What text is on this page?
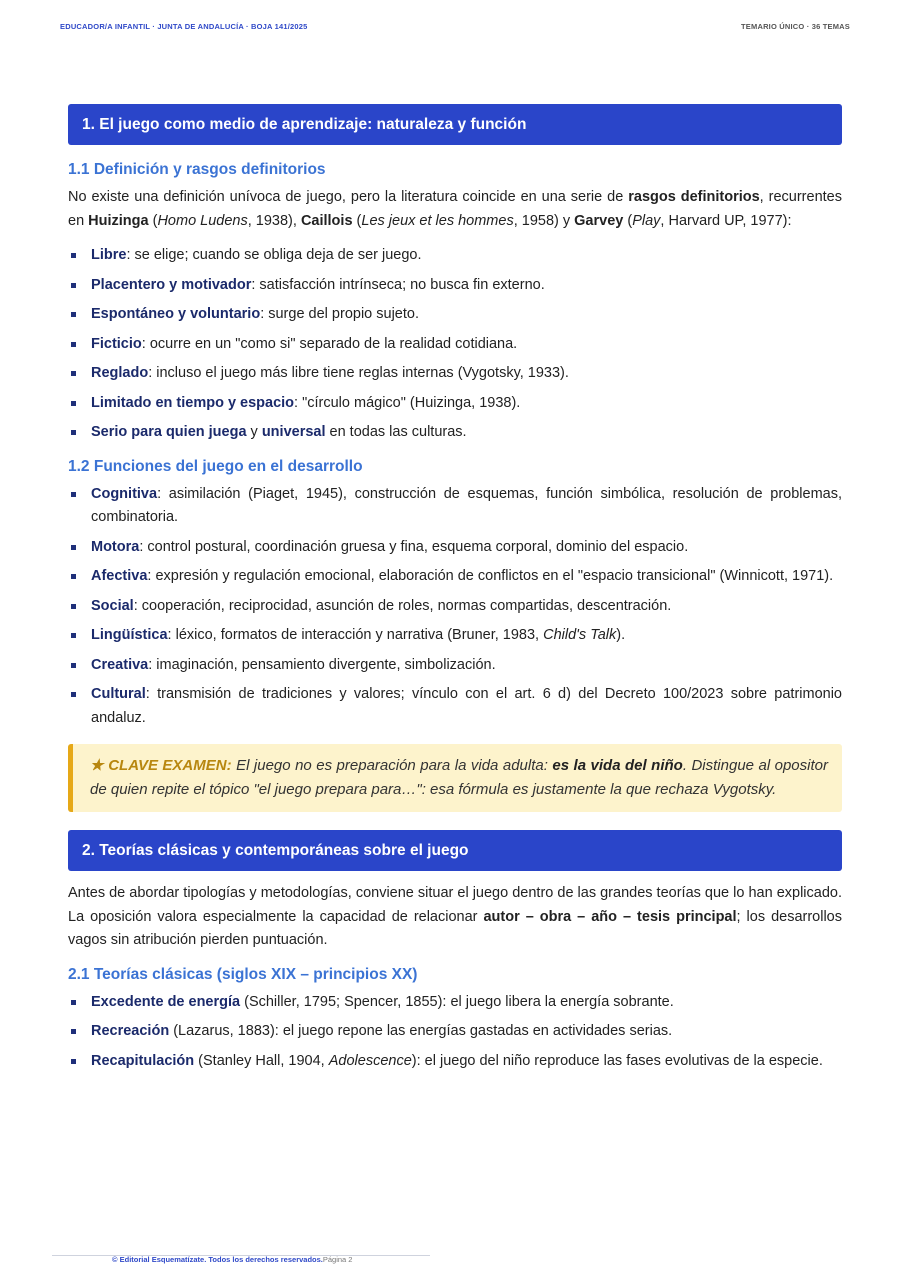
EDUCADOR/A INFANTIL · JUNTA DE ANDALUCÍA · BOJA 141/2025	TEMARIO ÚNICO · 36 TEMAS
1. El juego como medio de aprendizaje: naturaleza y función
1.1 Definición y rasgos definitorios

No existe una definición unívoca de juego, pero la literatura coincide en una serie de rasgos definitorios, recurrentes en Huizinga (Homo Ludens, 1938), Caillois (Les jeux et les hommes, 1958) y Garvey (Play, Harvard UP, 1977):

Libre: se elige; cuando se obliga deja de ser juego.
Placentero y motivador: satisfacción intrínseca; no busca fin externo.
Espontáneo y voluntario: surge del propio sujeto.
Ficticio: ocurre en un "como si" separado de la realidad cotidiana.
Reglado: incluso el juego más libre tiene reglas internas (Vygotsky, 1933).
Limitado en tiempo y espacio: "círculo mágico" (Huizinga, 1938).
Serio para quien juega y universal en todas las culturas.
1.2 Funciones del juego en el desarrollo
Cognitiva: asimilación (Piaget, 1945), construcción de esquemas, función simbólica, resolución de problemas, combinatoria.
Motora: control postural, coordinación gruesa y fina, esquema corporal, dominio del espacio.
Afectiva: expresión y regulación emocional, elaboración de conflictos en el "espacio transicional" (Winnicott, 1971).
Social: cooperación, reciprocidad, asunción de roles, normas compartidas, descentración.
Lingüística: léxico, formatos de interacción y narrativa (Bruner, 1983, Child's Talk).
Creativa: imaginación, pensamiento divergente, simbolización.
Cultural: transmisión de tradiciones y valores; vínculo con el art. 6 d) del Decreto 100/2023 sobre patrimonio andaluz.
★ CLAVE EXAMEN: El juego no es preparación para la vida adulta: es la vida del niño. Distingue al opositor de quien repite el tópico "el juego prepara para…": esa fórmula es justamente la que rechaza Vygotsky.
2. Teorías clásicas y contemporáneas sobre el juego

Antes de abordar tipologías y metodologías, conviene situar el juego dentro de las grandes teorías que lo han explicado. La oposición valora especialmente la capacidad de relacionar autor – obra – año – tesis principal; los desarrollos vagos sin atribución pierden puntuación.

2.1 Teorías clásicas (siglos XIX – principios XX)
Excedente de energía (Schiller, 1795; Spencer, 1855): el juego libera la energía sobrante.
Recreación (Lazarus, 1883): el juego repone las energías gastadas en actividades serias.
Recapitulación (Stanley Hall, 1904, Adolescence): el juego del niño reproduce las fases evolutivas de la especie.
© Editorial Esquematízate. Todos los derechos reservados.Página 2
